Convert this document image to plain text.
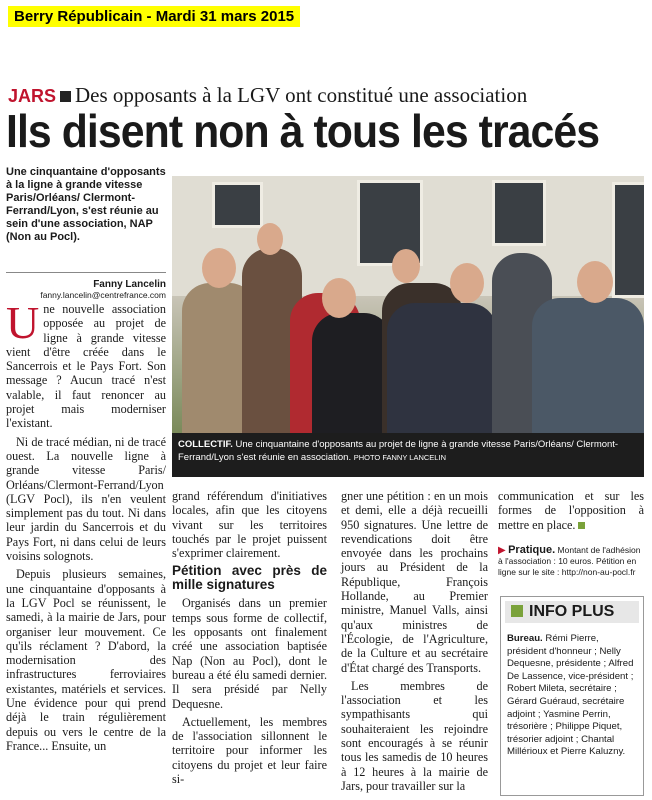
Berry Républicain - Mardi 31 mars 2015
JARS Des opposants à la LGV ont constitué une association
Ils disent non à tous les tracés
Une cinquantaine d'opposants à la ligne à grande vitesse Paris/Orléans/ Clermont-Ferrand/Lyon, s'est réunie au sein d'une association, NAP (Non au Pocl).
Fanny Lancelin
fanny.lancelin@centrefrance.com

Une nouvelle association opposée au projet de ligne à grande vitesse vient d'être créée dans le Sancerrois et le Pays Fort. Son message ? Aucun tracé n'est valable, il faut renoncer au projet mais moderniser l'existant.

Ni de tracé médian, ni de tracé ouest. La nouvelle ligne à grande vitesse Paris/ Orléans/Clermont-Ferrand/Lyon (LGV Pocl), ils n'en veulent simplement pas du tout. Ni dans leur jardin du Sancerrois et du Pays Fort, ni dans celui de leurs voisins solognots.

Depuis plusieurs semaines, une cinquantaine d'opposants à la LGV Pocl se réunissent, le samedi, à la mairie de Jars, pour organiser leur mouvement. Ce qu'ils réclament ? D'abord, la modernisation des infrastructures ferroviaires existantes, matériels et services. Une évidence pour qui prend déjà le train régulièrement depuis ou vers le centre de la France... Ensuite, un

COLLECTIF. Une cinquantaine d'opposants au projet de ligne à grande vitesse Paris/Orléans/ Clermont-Ferrand/Lyon s'est réunie en association. PHOTO FANNY LANCELIN

grand référendum d'initiatives locales, afin que les citoyens vivant sur les territoires touchés par le projet puissent s'exprimer clairement.

Pétition avec près de mille signatures

Organisés dans un premier temps sous forme de collectif, les opposants ont finalement créé une association baptisée Nap (Non au Pocl), dont le bureau a été élu samedi dernier. Il sera présidé par Nelly Dequesne.

Actuellement, les membres de l'association sillonnent le territoire pour informer les citoyens du projet et leur faire si-

gner une pétition : en un mois et demi, elle a déjà recueilli 950 signatures. Une lettre de revendications doit être envoyée dans les prochains jours au Président de la République, François Hollande, au Premier ministre, Manuel Valls, ainsi qu'aux ministres de l'Écologie, de l'Agriculture, de la Culture et au secrétaire d'État chargé des Transports.

Les membres de l'association et les sympathisants qui souhaiteraient les rejoindre sont encouragés à se réunir tous les samedis de 10 heures à 12 heures à la mairie de Jars, pour travailler sur la

communication et sur les formes de l'opposition à mettre en place.

▶ Pratique. Montant de l'adhésion à l'association : 10 euros. Pétition en ligne sur le site : http://non-au-pocl.fr
INFO PLUS
Bureau. Rémi Pierre, président d'honneur ; Nelly Dequesne, présidente ; Alfred De Lassence, vice-président ; Robert Mileta, secrétaire ; Gérard Guéraud, secrétaire adjoint ; Yasmine Perrin, trésorière ; Philippe Piquet, trésorier adjoint ; Chantal Millérioux et Pierre Kaluzny.
